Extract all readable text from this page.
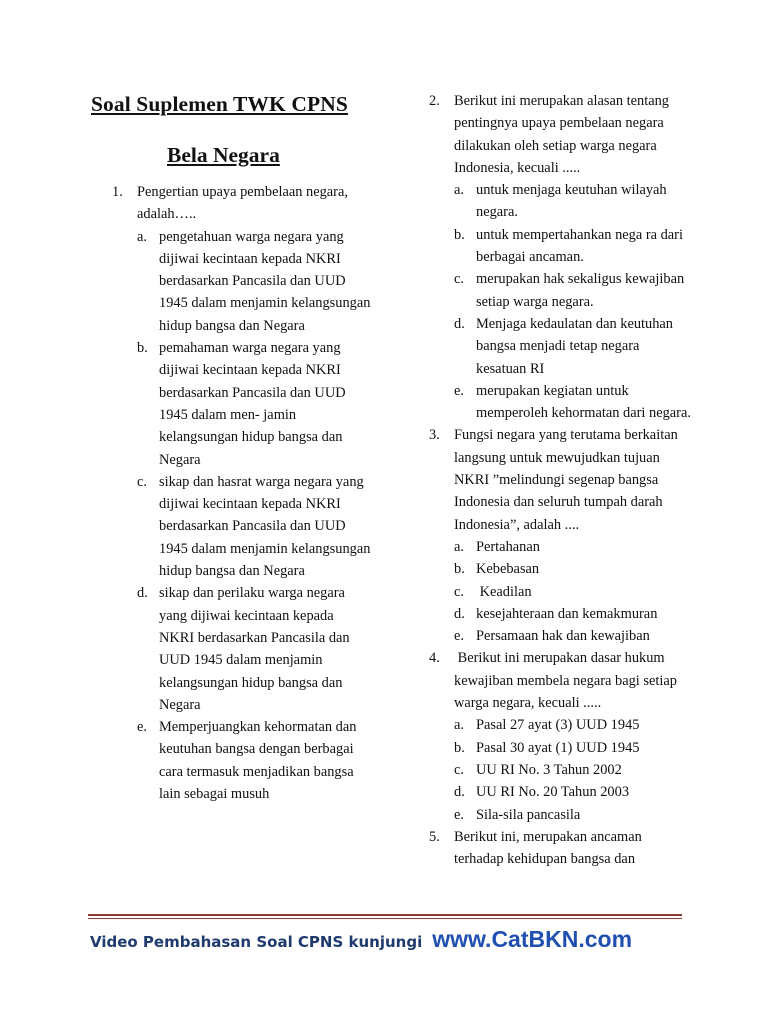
Soal Suplemen TWK CPNS
Bela Negara
1. Pengertian upaya pembelaan negara, adalah…..
a. pengetahuan warga negara yang dijiwai kecintaan kepada NKRI berdasarkan Pancasila dan UUD 1945 dalam menjamin kelangsungan hidup bangsa dan Negara
b. pemahaman warga negara yang dijiwai kecintaan kepada NKRI berdasarkan Pancasila dan UUD 1945 dalam men- jamin kelangsungan hidup bangsa dan Negara
c. sikap dan hasrat warga negara yang dijiwai kecintaan kepada NKRI berdasarkan Pancasila dan UUD 1945 dalam menjamin kelangsungan hidup bangsa dan Negara
d. sikap dan perilaku warga negara yang dijiwai kecintaan kepada NKRI berdasarkan Pancasila dan UUD 1945 dalam menjamin kelangsungan hidup bangsa dan Negara
e. Memperjuangkan kehormatan dan keutuhan bangsa dengan berbagai cara termasuk menjadikan bangsa lain sebagai musuh
2. Berikut ini merupakan alasan tentang pentingnya upaya pembelaan negara dilakukan oleh setiap warga negara Indonesia, kecuali .....
a. untuk menjaga keutuhan wilayah negara.
b. untuk mempertahankan nega ra dari berbagai ancaman.
c. merupakan hak sekaligus kewajiban setiap warga negara.
d. Menjaga kedaulatan dan keutuhan bangsa menjadi tetap negara kesatuan RI
e. merupakan kegiatan untuk memperoleh kehormatan dari negara.
3. Fungsi negara yang terutama berkaitan langsung untuk mewujudkan tujuan NKRI ”melindungi segenap bangsa Indonesia dan seluruh tumpah darah Indonesia”, adalah ....
a. Pertahanan
b. Kebebasan
c. Keadilan
d. kesejahteraan dan kemakmuran
e. Persamaan hak dan kewajiban
4. Berikut ini merupakan dasar hukum kewajiban membela negara bagi setiap warga negara, kecuali .....
a. Pasal 27 ayat (3) UUD 1945
b. Pasal 30 ayat (1) UUD 1945
c. UU RI No. 3 Tahun 2002
d. UU RI No. 20 Tahun 2003
e. Sila-sila pancasila
5. Berikut ini, merupakan ancaman terhadap kehidupan bangsa dan
Video Pembahasan Soal CPNS kunjungi www.CatBKN.com
